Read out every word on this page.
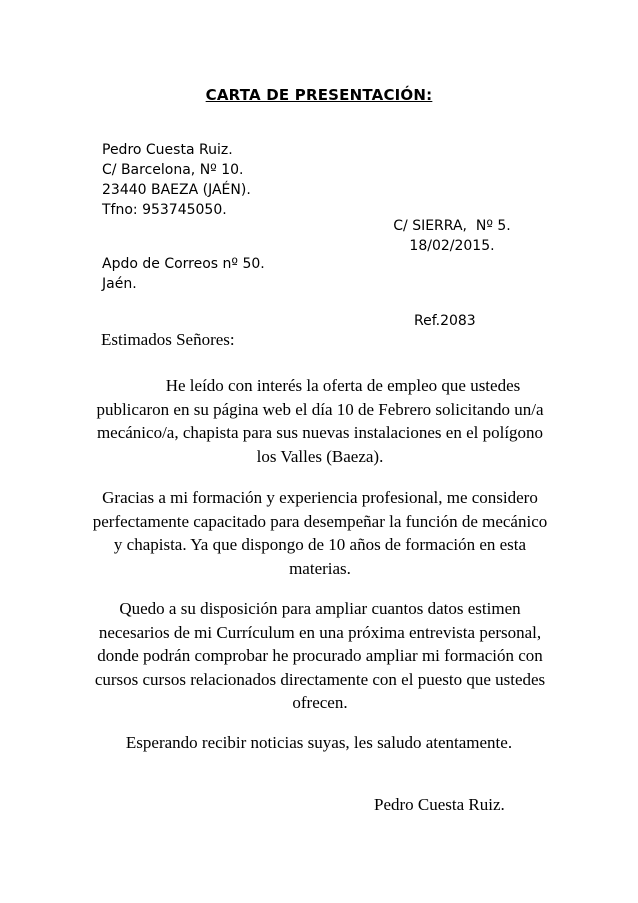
CARTA DE PRESENTACIÓN:
Pedro Cuesta Ruiz.
C/ Barcelona, Nº 10.
23440 BAEZA (JAÉN).
Tfno: 953745050.
C/ SIERRA,  Nº 5.
18/02/2015.
Apdo de Correos nº 50.
Jaén.
Ref.2083
Estimados Señores:
He leído con interés la oferta de empleo que ustedes
publicaron en su página web el día 10 de Febrero solicitando un/a
mecánico/a, chapista para sus nuevas instalaciones en el polígono
los Valles (Baeza).
Gracias a mi formación y experiencia profesional, me considero
perfectamente capacitado para desempeñar la función de mecánico
y chapista. Ya que dispongo de 10 años de formación en esta
materias.
Quedo a su disposición para ampliar cuantos datos estimen
necesarios de mi Currículum en una próxima entrevista personal,
donde podrán comprobar he procurado ampliar mi formación con
cursos cursos relacionados directamente con el puesto que ustedes
ofrecen.
Esperando recibir noticias suyas, les saludo atentamente.
Pedro Cuesta Ruiz.
